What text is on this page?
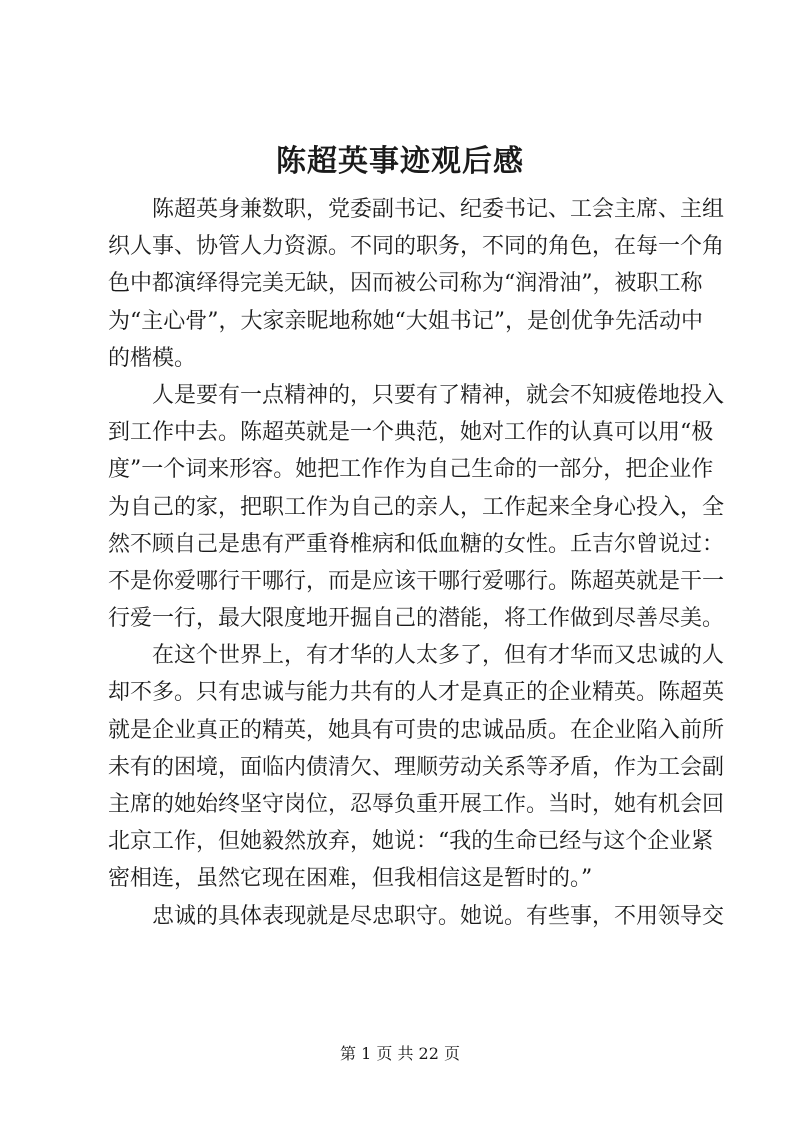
陈超英事迹观后感
陈超英身兼数职，党委副书记、纪委书记、工会主席、主组
织人事、协管人力资源。不同的职务，不同的角色，在每一个角
色中都演绎得完美无缺，因而被公司称为“润滑油”，被职工称
为“主心骨”，大家亲昵地称她“大姐书记”，是创优争先活动中
的楷模。
人是要有一点精神的，只要有了精神，就会不知疲倦地投入
到工作中去。陈超英就是一个典范，她对工作的认真可以用“极
度”一个词来形容。她把工作作为自己生命的一部分，把企业作
为自己的家，把职工作为自己的亲人，工作起来全身心投入，全
然不顾自己是患有严重脊椎病和低血糖的女性。丘吉尔曾说过：
不是你爱哪行干哪行，而是应该干哪行爱哪行。陈超英就是干一
行爱一行，最大限度地开掘自己的潜能，将工作做到尽善尽美。
在这个世界上，有才华的人太多了，但有才华而又忠诚的人
却不多。只有忠诚与能力共有的人才是真正的企业精英。陈超英
就是企业真正的精英，她具有可贵的忠诚品质。在企业陷入前所
未有的困境，面临内债清欠、理顺劳动关系等矛盾，作为工会副
主席的她始终坚守岗位，忍辱负重开展工作。当时，她有机会回
北京工作，但她毅然放弃，她说：“我的生命已经与这个企业紧
密相连，虽然它现在困难，但我相信这是暂时的。”
忠诚的具体表现就是尽忠职守。她说。有些事，不用领导交
第 1 页 共 22 页
